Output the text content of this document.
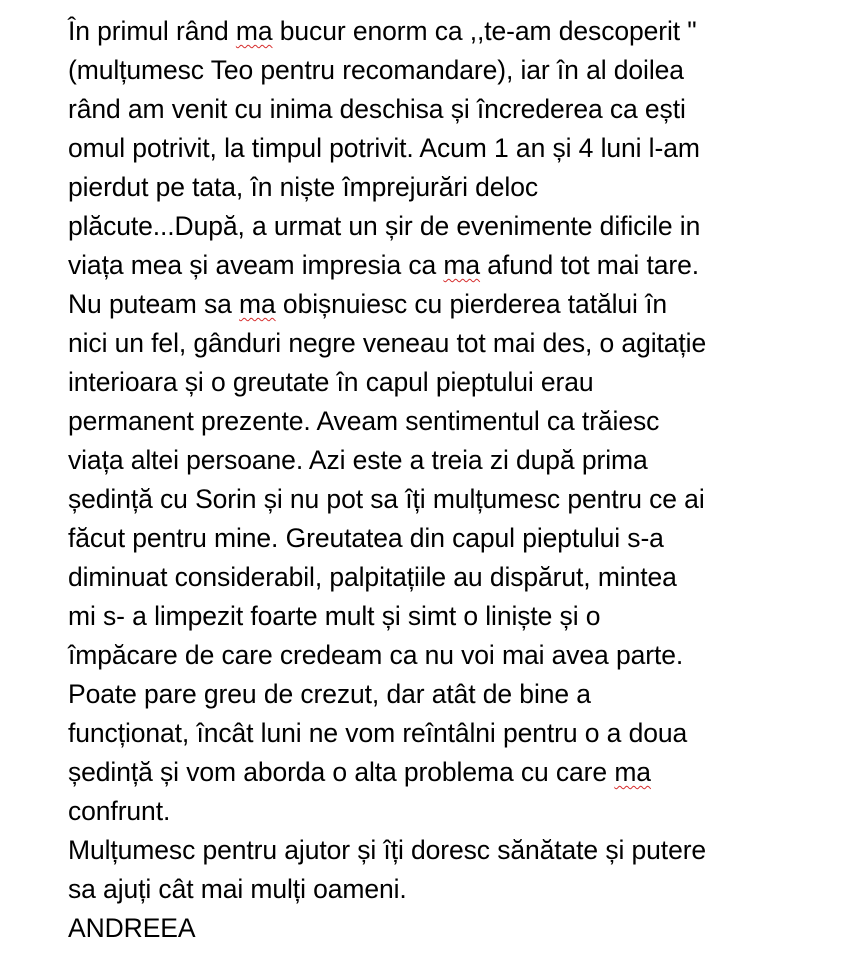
În primul rând ma bucur enorm ca ,,te-am descoperit "
(mulțumesc Teo pentru recomandare), iar în al doilea
rând am venit cu inima deschisa și încrederea ca ești
omul potrivit, la timpul potrivit. Acum 1 an și 4 luni l-am
pierdut pe tata, în niște împrejurări deloc
plăcute...După, a urmat un șir de evenimente dificile in
viața mea și aveam impresia ca ma afund tot mai tare.
Nu puteam sa ma obișnuiesc cu pierderea tatălui în
nici un fel, gânduri negre veneau tot mai des, o agitație
interioara și o greutate în capul pieptului erau
permanent prezente. Aveam sentimentul ca trăiesc
viața altei persoane. Azi este a treia zi după prima
ședință cu Sorin și nu pot sa îți mulțumesc pentru ce ai
făcut pentru mine. Greutatea din capul pieptului s-a
diminuat considerabil, palpitațiile au dispărut, mintea
mi s- a limpezit foarte mult și simt o liniște și o
împăcare de care credeam ca nu voi mai avea parte.
Poate pare greu de crezut, dar atât de bine a
funcționat, încât luni ne vom reîntâlni pentru o a doua
ședință și vom aborda o alta problema cu care ma
confrunt.
Mulțumesc pentru ajutor și îți doresc sănătate și putere
sa ajuți cât mai mulți oameni.
ANDREEA
